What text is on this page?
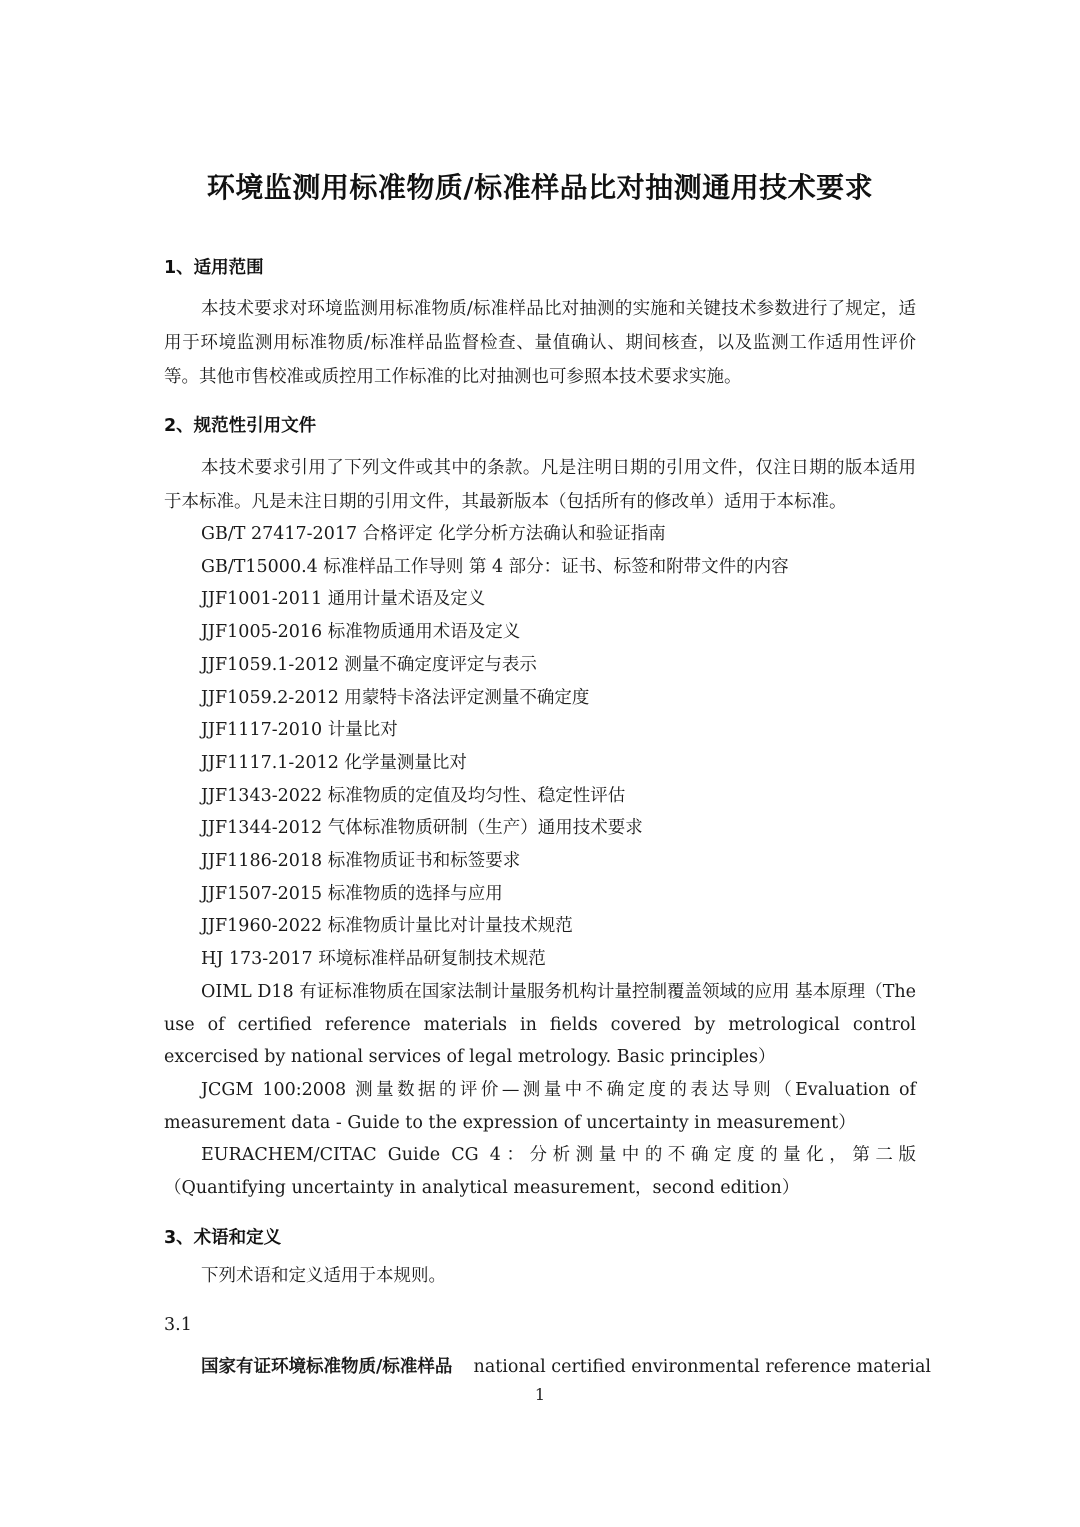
环境监测用标准物质/标准样品比对抽测通用技术要求
1、适用范围
本技术要求对环境监测用标准物质/标准样品比对抽测的实施和关键技术参数进行了规定，适用于环境监测用标准物质/标准样品监督检查、量值确认、期间核查，以及监测工作适用性评价等。其他市售校准或质控用工作标准的比对抽测也可参照本技术要求实施。
2、规范性引用文件
本技术要求引用了下列文件或其中的条款。凡是注明日期的引用文件，仅注日期的版本适用于本标准。凡是未注日期的引用文件，其最新版本（包括所有的修改单）适用于本标准。
GB/T 27417-2017 合格评定 化学分析方法确认和验证指南
GB/T15000.4 标准样品工作导则 第 4 部分：证书、标签和附带文件的内容
JJF1001-2011 通用计量术语及定义
JJF1005-2016 标准物质通用术语及定义
JJF1059.1-2012 测量不确定度评定与表示
JJF1059.2-2012 用蒙特卡洛法评定测量不确定度
JJF1117-2010 计量比对
JJF1117.1-2012 化学量测量比对
JJF1343-2022 标准物质的定值及均匀性、稳定性评估
JJF1344-2012 气体标准物质研制（生产）通用技术要求
JJF1186-2018 标准物质证书和标签要求
JJF1507-2015 标准物质的选择与应用
JJF1960-2022 标准物质计量比对计量技术规范
HJ 173-2017 环境标准样品研复制技术规范
OIML D18 有证标准物质在国家法制计量服务机构计量控制覆盖领域的应用 基本原理（The use of certified reference materials in fields covered by metrological control excercised by national services of legal metrology. Basic principles）
JCGM 100:2008 测量数据的评价—测量中不确定度的表达导则（Evaluation of measurement data - Guide to the expression of uncertainty in measurement）
EURACHEM/CITAC Guide CG 4：分析测量中的不确定度的量化，第二版（Quantifying uncertainty in analytical measurement，second edition）
3、术语和定义
下列术语和定义适用于本规则。
3.1
国家有证环境标准物质/标准样品 national certified environmental reference material
1
